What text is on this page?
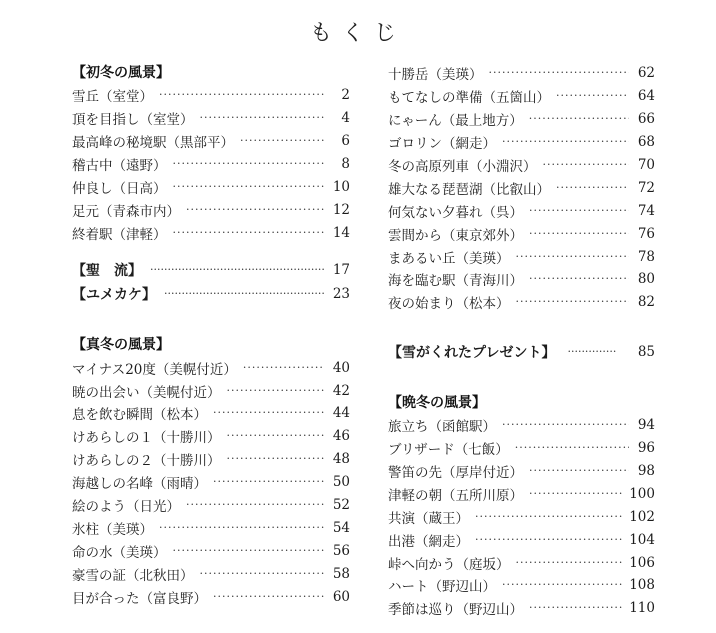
もくじ
【初冬の風景】
雪丘（室堂） ·····	2
頂を目指し（室堂） ·····	4
最高峰の秘境駅（黒部平） ·····	6
稽古中（遠野） ·····	8
仲良し（日高） ·····	10
足元（青森市内） ·····	12
終着駅（津軽） ·····	14
【聖　流】 ·····	17
【ユメカケ】 ·····	23
【真冬の風景】
マイナス20度（美幌付近） ·····	40
暁の出会い（美幌付近） ·····	42
息を飲む瞬間（松本） ·····	44
けあらしの１（十勝川） ·····	46
けあらしの２（十勝川） ·····	48
海越しの名峰（雨晴） ·····	50
絵のよう（日光） ·····	52
氷柱（美瑛） ·····	54
命の水（美瑛） ·····	56
豪雪の証（北秋田） ·····	58
目が合った（富良野） ·····	60
十勝岳（美瑛） ·····	62
もてなしの準備（五箇山） ·····	64
にゃーん（最上地方） ·····	66
ゴロリン（網走） ·····	68
冬の高原列車（小淵沢） ·····	70
雄大なる琵琶湖（比叡山） ·····	72
何気ない夕暮れ（呉） ·····	74
雲間から（東京郊外） ·····	76
まあるい丘（美瑛） ·····	78
海を臨む駅（青海川） ·····	80
夜の始まり（松本） ·····	82
【雪がくれたプレゼント】 ·····	85
【晩冬の風景】
旅立ち（函館駅） ·····	94
ブリザード（七飯） ·····	96
警笛の先（厚岸付近） ·····	98
津軽の朝（五所川原） ·····	100
共演（蔵王） ·····	102
出港（網走） ·····	104
峠へ向かう（庭坂） ·····	106
ハート（野辺山） ·····	108
季節は巡り（野辺山） ·····	110
